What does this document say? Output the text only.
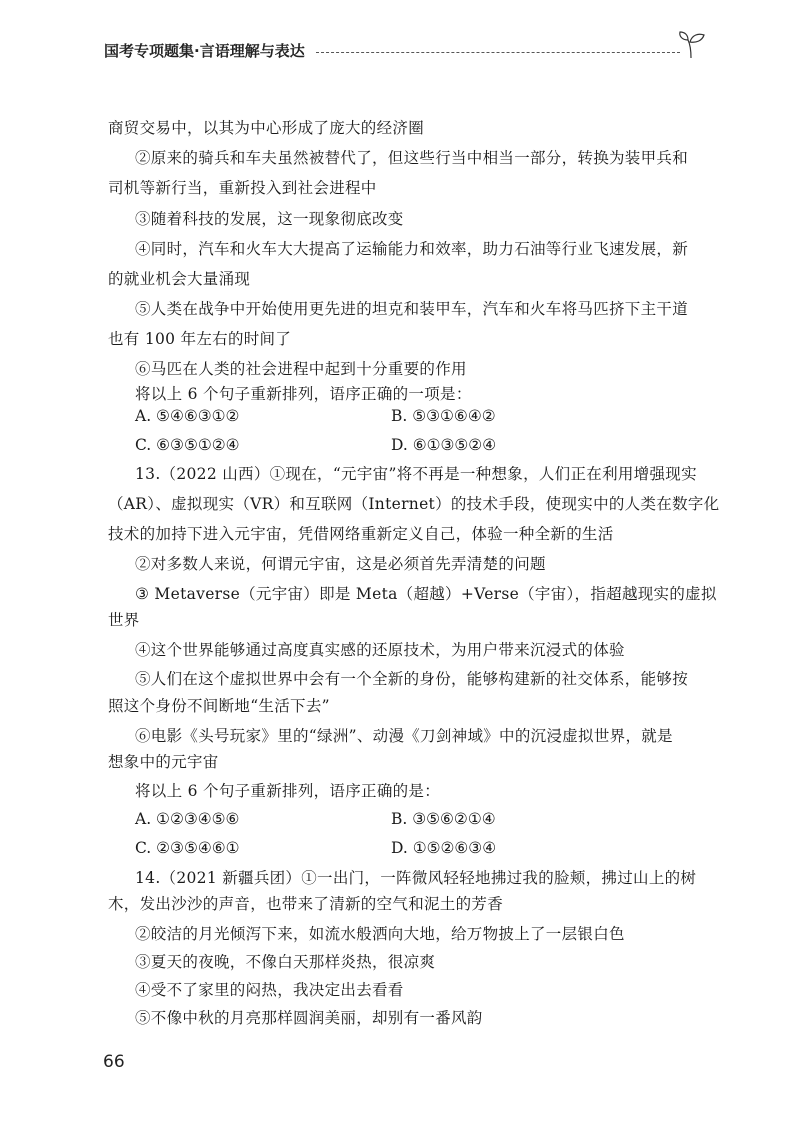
国考专项题集·言语理解与表达
商贸交易中，以其为中心形成了庞大的经济圈
②原来的骑兵和车夫虽然被替代了，但这些行当中相当一部分，转换为装甲兵和
司机等新行当，重新投入到社会进程中
③随着科技的发展，这一现象彻底改变
④同时，汽车和火车大大提高了运输能力和效率，助力石油等行业飞速发展，新
的就业机会大量涌现
⑤人类在战争中开始使用更先进的坦克和装甲车，汽车和火车将马匹挤下主干道
也有 100 年左右的时间了
⑥马匹在人类的社会进程中起到十分重要的作用
将以上 6 个句子重新排列，语序正确的一项是：
A. ⑤④⑥③①②	B. ⑤③①⑥④②
C. ⑥③⑤①②④	D. ⑥①③⑤②④
13.（2022 山西）①现在，“元宇宙”将不再是一种想象，人们正在利用增强现实
（AR）、虚拟现实（VR）和互联网（Internet）的技术手段，使现实中的人类在数字化
技术的加持下进入元宇宙，凭借网络重新定义自己，体验一种全新的生活
②对多数人来说，何谓元宇宙，这是必须首先弄清楚的问题
③ Metaverse（元宇宙）即是 Meta（超越）+Verse（宇宙），指超越现实的虚拟
世界
④这个世界能够通过高度真实感的还原技术，为用户带来沉浸式的体验
⑤人们在这个虚拟世界中会有一个全新的身份，能够构建新的社交体系，能够按
照这个身份不间断地“生活下去”
⑥电影《头号玩家》里的“绿洲”、动漫《刀剑神域》中的沉浸虚拟世界，就是
想象中的元宇宙
将以上 6 个句子重新排列，语序正确的是：
A. ①②③④⑤⑥	B. ③⑤⑥②①④
C. ②③⑤④⑥①	D. ①⑤②⑥③④
14.（2021 新疆兵团）①一出门，一阵微风轻轻地拂过我的脸颊，拂过山上的树
木，发出沙沙的声音，也带来了清新的空气和泥土的芳香
②皎洁的月光倾泻下来，如流水般洒向大地，给万物披上了一层银白色
③夏天的夜晚，不像白天那样炎热，很凉爽
④受不了家里的闷热，我决定出去看看
⑤不像中秋的月亮那样圆润美丽，却别有一番风韵
66
